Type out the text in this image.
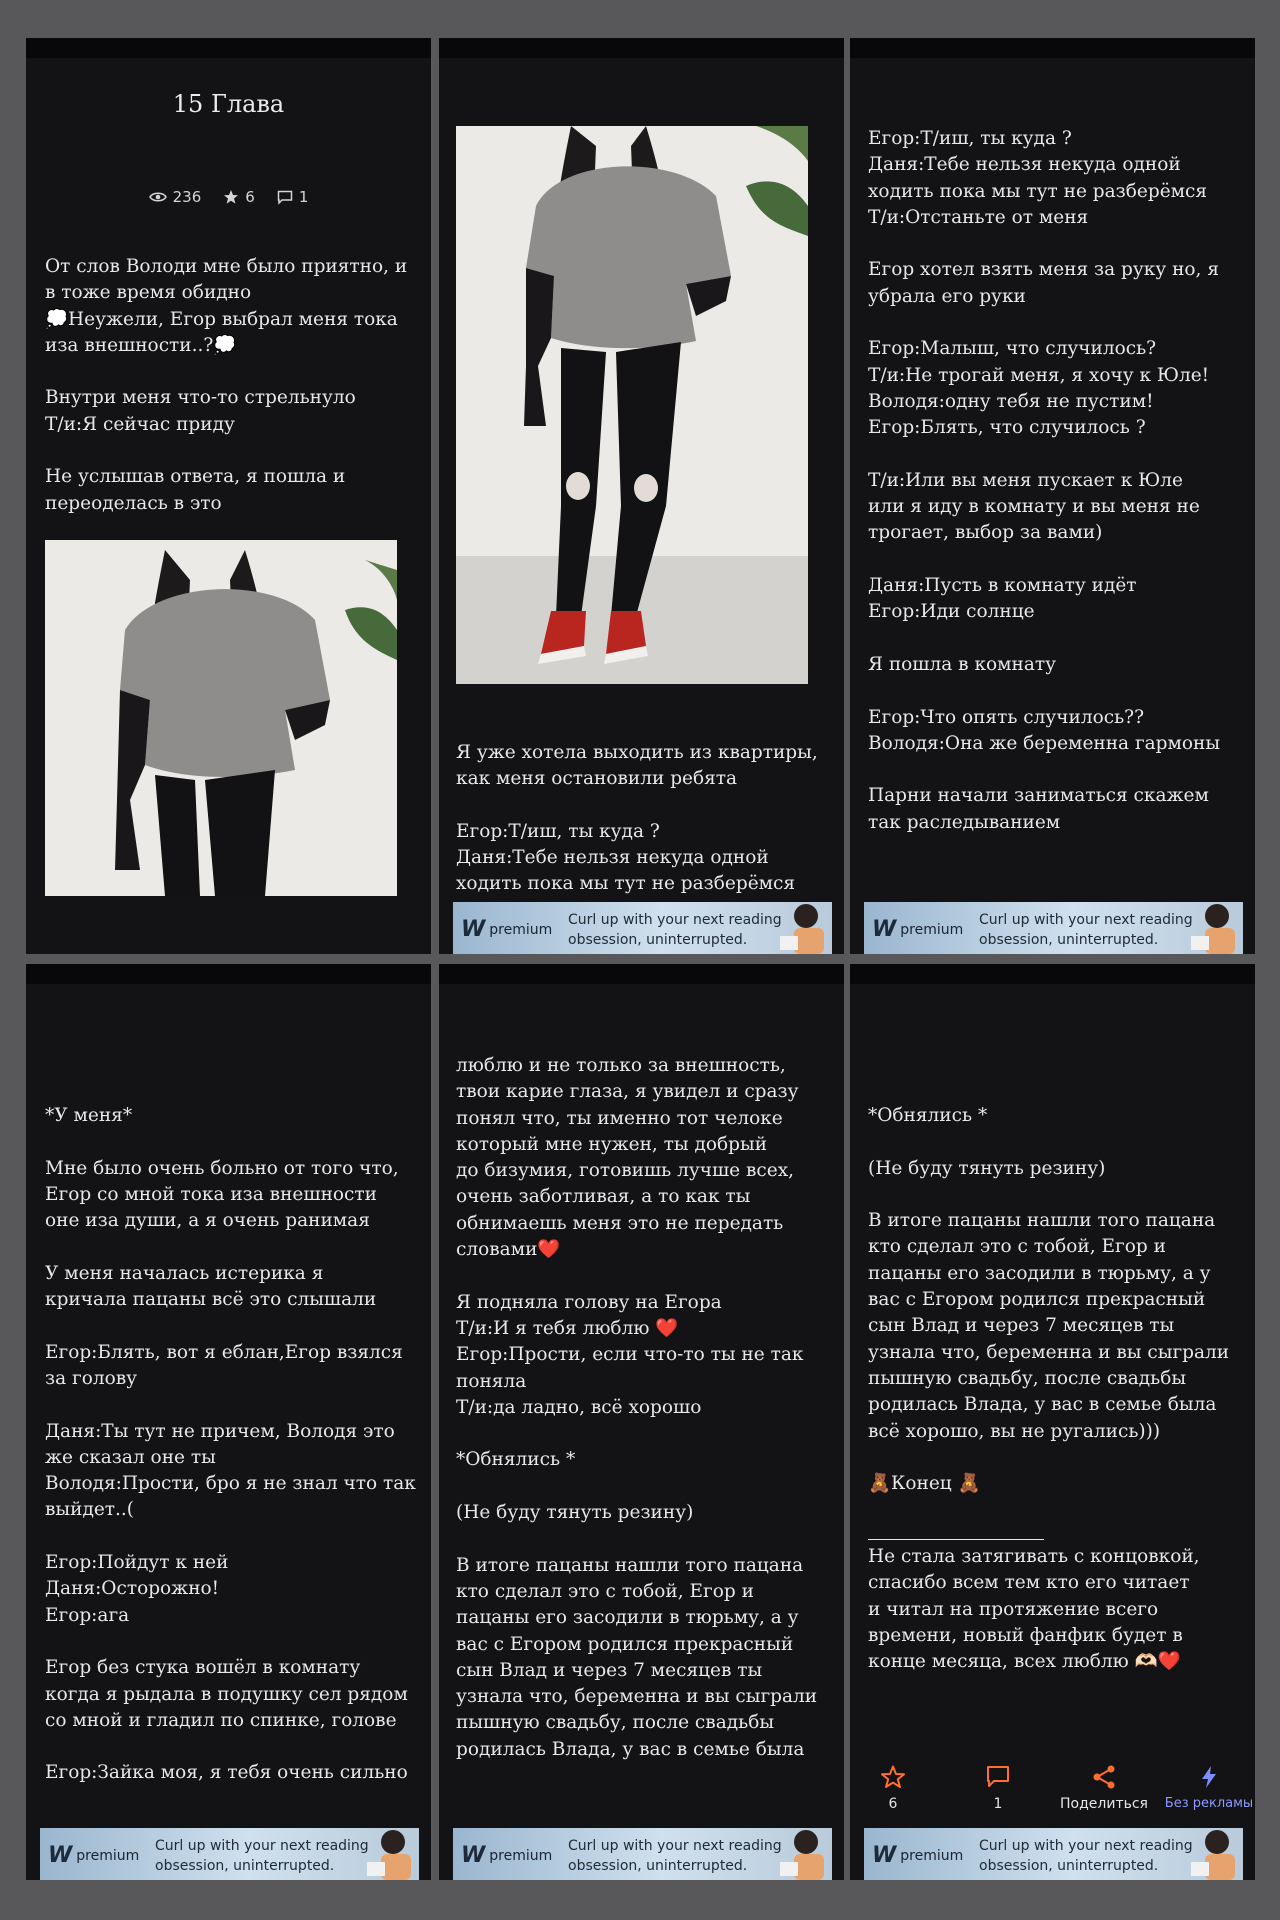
15 Глава
236	6	1
От слов Володи мне было приятно, и
в тоже время обидно
💭Неужели, Егор выбрал меня тока
иза внешности..?💭

Внутри меня что-то стрельнуло
Т/и:Я сейчас приду

Не услышав ответа, я пошла и
переоделась в это
Я уже хотела выходить из квартиры,
как меня остановили ребята

Егор:Т/иш, ты куда ?
Даня:Тебе нельзя некуда одной
ходить пока мы тут не разберёмся
W premium
Curl up with your next reading obsession, uninterrupted.
Егор:Т/иш, ты куда ?
Даня:Тебе нельзя некуда одной
ходить пока мы тут не разберёмся
Т/и:Отстаньте от меня

Егор хотел взять меня за руку но, я
убрала его руки

Егор:Малыш, что случилось?
Т/и:Не трогай меня, я хочу к Юле!
Володя:одну тебя не пустим!
Егор:Блять, что случилось ?

Т/и:Или вы меня пускает к Юле
или я иду в комнату и вы меня не
трогает, выбор за вами)

Даня:Пусть в комнату идёт
Егор:Иди солнце

Я пошла в комнату

Егор:Что опять случилось??
Володя:Она же беременна гармоны

Парни начали заниматься скажем
так раследыванием
W premium
Curl up with your next reading obsession, uninterrupted.
*У меня*

Мне было очень больно от того что,
Егор со мной тока иза внешности
оне иза души, а я очень ранимая

У меня началась истерика я
кричала пацаны всё это слышали

Егор:Блять, вот я еблан,Егор взялся
за голову

Даня:Ты тут не причем, Володя это
же сказал оне ты
Володя:Прости, бро я не знал что так
выйдет..(

Егор:Пойдут к ней
Даня:Осторожно!
Егор:ага

Егор без стука вошёл в комнату
когда я рыдала в подушку сел рядом
со мной и гладил по спинке, голове

Егор:Зайка моя, я тебя очень сильно
W premium
Curl up with your next reading obsession, uninterrupted.
люблю и не только за внешность,
твои карие глаза, я увидел и сразу
понял что, ты именно тот челоке
который мне нужен, ты добрый
до бизумия, готовишь лучше всех,
очень заботливая, а то как ты
обнимаешь меня это не передать
словами❤️

Я подняла голову на Егора
Т/и:И я тебя люблю ❤️
Егор:Прости, если что-то ты не так
поняла
Т/и:да ладно, всё хорошо

*Обнялись *

(Не буду тянуть резину)

В итоге пацаны нашли того пацана
кто сделал это с тобой, Егор и
пацаны его засодили в тюрьму, а у
вас с Егором родился прекрасный
сын Влад и через 7 месяцев ты
узнала что, беременна и вы сыграли
пышную свадьбу, после свадьбы
родилась Влада, у вас в семье была
W premium
Curl up with your next reading obsession, uninterrupted.
*Обнялись *

(Не буду тянуть резину)

В итоге пацаны нашли того пацана
кто сделал это с тобой, Егор и
пацаны его засодили в тюрьму, а у
вас с Егором родился прекрасный
сын Влад и через 7 месяцев ты
узнала что, беременна и вы сыграли
пышную свадьбу, после свадьбы
родилась Влада, у вас в семье была
всё хорошо, вы не ругались)))

🧸Конец 🧸
Не стала затягивать с концовкой,
спасибо всем тем кто его читает
и читал на протяжение всего
времени, новый фанфик будет в
конце месяца, всех люблю 🫶🏻❤️
6	1	Поделиться Без рекламы
W premium
Curl up with your next reading obsession, uninterrupted.
